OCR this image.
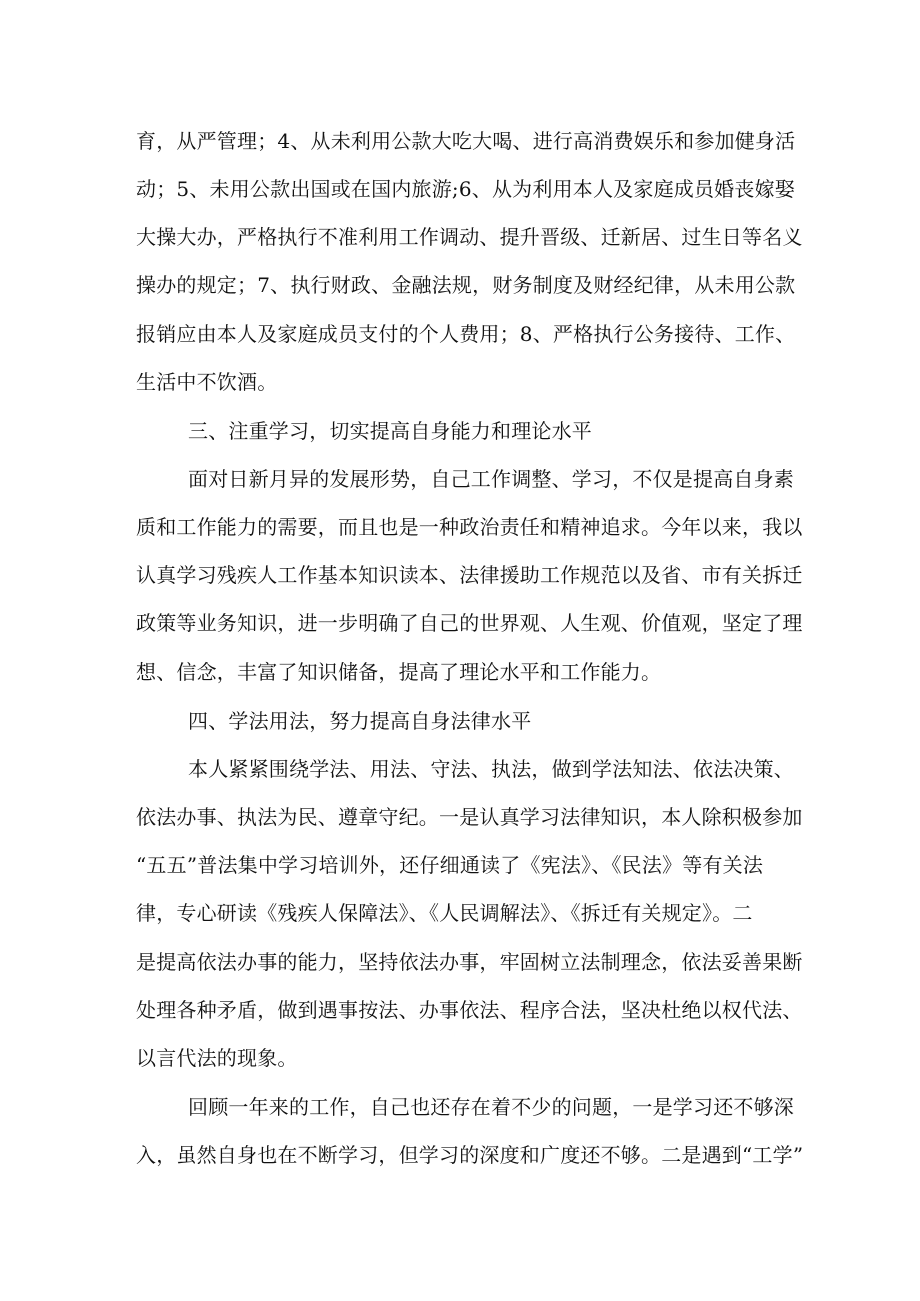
育，从严管理；4、从未利用公款大吃大喝、进行高消费娱乐和参加健身活
动；5、未用公款出国或在国内旅游;6、从为利用本人及家庭成员婚丧嫁娶
大操大办，严格执行不准利用工作调动、提升晋级、迁新居、过生日等名义
操办的规定；7、执行财政、金融法规，财务制度及财经纪律，从未用公款
报销应由本人及家庭成员支付的个人费用；8、严格执行公务接待、工作、
生活中不饮酒。
三、注重学习，切实提高自身能力和理论水平
面对日新月异的发展形势，自己工作调整、学习，不仅是提高自身素
质和工作能力的需要，而且也是一种政治责任和精神追求。今年以来，我以
认真学习残疾人工作基本知识读本、法律援助工作规范以及省、市有关拆迁
政策等业务知识，进一步明确了自己的世界观、人生观、价值观，坚定了理
想、信念，丰富了知识储备，提高了理论水平和工作能力。
四、学法用法，努力提高自身法律水平
本人紧紧围绕学法、用法、守法、执法，做到学法知法、依法决策、
依法办事、执法为民、遵章守纪。一是认真学习法律知识，本人除积极参加
“五五”普法集中学习培训外，还仔细通读了《宪法》、《民法》等有关法
律，专心研读《残疾人保障法》、《人民调解法》、《拆迁有关规定》。二
是提高依法办事的能力，坚持依法办事，牢固树立法制理念，依法妥善果断
处理各种矛盾，做到遇事按法、办事依法、程序合法，坚决杜绝以权代法、
以言代法的现象。
回顾一年来的工作，自己也还存在着不少的问题，一是学习还不够深
入，虽然自身也在不断学习，但学习的深度和广度还不够。二是遇到“工学”
